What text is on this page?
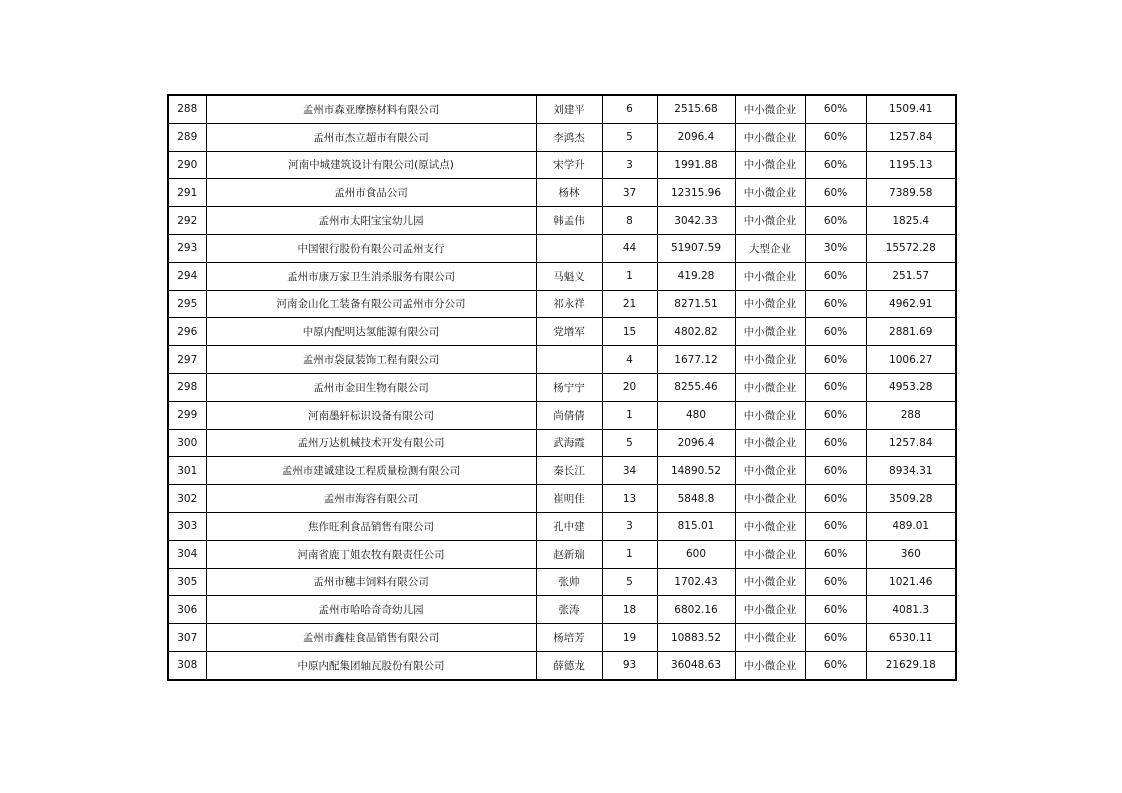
288	孟州市森亚摩擦材料有限公司	刘建平	6	2515.68	中小微企业	60%	1509.41
289	孟州市杰立超市有限公司	李鸿杰	5	2096.4	中小微企业	60%	1257.84
290	河南中城建筑设计有限公司(原试点)	宋学升	3	1991.88	中小微企业	60%	1195.13
291	孟州市食品公司	杨林	37	12315.96	中小微企业	60%	7389.58
292	孟州市太阳宝宝幼儿园	韩孟伟	8	3042.33	中小微企业	60%	1825.4
293	中国银行股份有限公司孟州支行		44	51907.59	大型企业	30%	15572.28
294	孟州市康万家卫生消杀服务有限公司	马魁义	1	419.28	中小微企业	60%	251.57
295	河南金山化工装备有限公司孟州市分公司	祁永祥	21	8271.51	中小微企业	60%	4962.91
296	中原内配明达氢能源有限公司	党增军	15	4802.82	中小微企业	60%	2881.69
297	孟州市袋鼠装饰工程有限公司		4	1677.12	中小微企业	60%	1006.27
298	孟州市金田生物有限公司	杨宁宁	20	8255.46	中小微企业	60%	4953.28
299	河南墨轩标识设备有限公司	尚倩倩	1	480	中小微企业	60%	288
300	孟州万达机械技术开发有限公司	武海霞	5	2096.4	中小微企业	60%	1257.84
301	孟州市建诚建设工程质量检测有限公司	秦长江	34	14890.52	中小微企业	60%	8934.31
302	孟州市海容有限公司	崔明佳	13	5848.8	中小微企业	60%	3509.28
303	焦作旺利食品销售有限公司	孔中建	3	815.01	中小微企业	60%	489.01
304	河南省鹿丁姐农牧有限责任公司	赵新瑞	1	600	中小微企业	60%	360
305	孟州市穗丰饲料有限公司	张帅	5	1702.43	中小微企业	60%	1021.46
306	孟州市哈哈奇奇幼儿园	张涛	18	6802.16	中小微企业	60%	4081.3
307	孟州市鑫桂食品销售有限公司	杨培芳	19	10883.52	中小微企业	60%	6530.11
308	中原内配集团轴瓦股份有限公司	薛德龙	93	36048.63	中小微企业	60%	21629.18
